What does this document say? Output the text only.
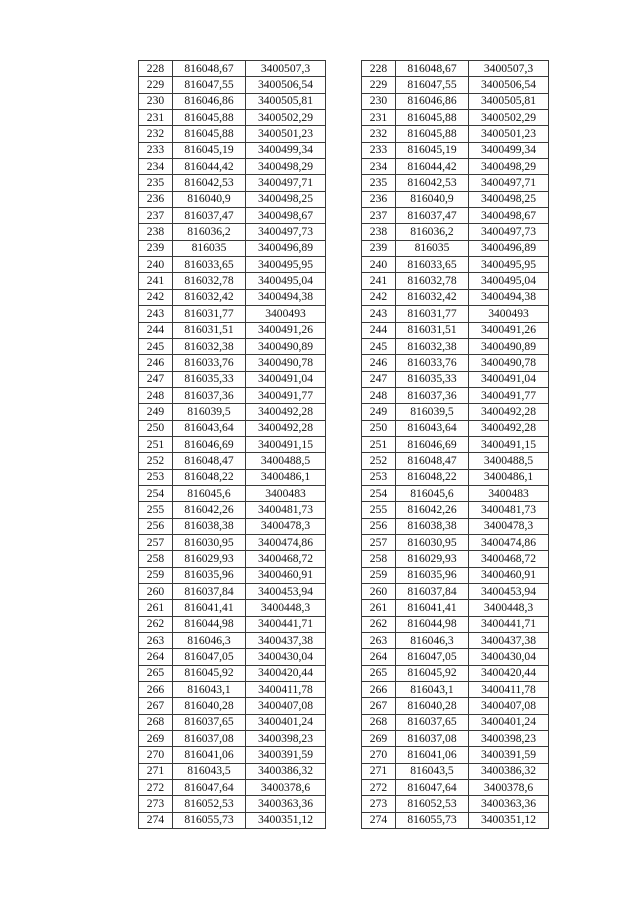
228	816048,67	3400507,3
229	816047,55	3400506,54
230	816046,86	3400505,81
231	816045,88	3400502,29
232	816045,88	3400501,23
233	816045,19	3400499,34
234	816044,42	3400498,29
235	816042,53	3400497,71
236	816040,9	3400498,25
237	816037,47	3400498,67
238	816036,2	3400497,73
239	816035	3400496,89
240	816033,65	3400495,95
241	816032,78	3400495,04
242	816032,42	3400494,38
243	816031,77	3400493
244	816031,51	3400491,26
245	816032,38	3400490,89
246	816033,76	3400490,78
247	816035,33	3400491,04
248	816037,36	3400491,77
249	816039,5	3400492,28
250	816043,64	3400492,28
251	816046,69	3400491,15
252	816048,47	3400488,5
253	816048,22	3400486,1
254	816045,6	3400483
255	816042,26	3400481,73
256	816038,38	3400478,3
257	816030,95	3400474,86
258	816029,93	3400468,72
259	816035,96	3400460,91
260	816037,84	3400453,94
261	816041,41	3400448,3
262	816044,98	3400441,71
263	816046,3	3400437,38
264	816047,05	3400430,04
265	816045,92	3400420,44
266	816043,1	3400411,78
267	816040,28	3400407,08
268	816037,65	3400401,24
269	816037,08	3400398,23
270	816041,06	3400391,59
271	816043,5	3400386,32
272	816047,64	3400378,6
273	816052,53	3400363,36
274	816055,73	3400351,12
228	816048,67	3400507,3
229	816047,55	3400506,54
230	816046,86	3400505,81
231	816045,88	3400502,29
232	816045,88	3400501,23
233	816045,19	3400499,34
234	816044,42	3400498,29
235	816042,53	3400497,71
236	816040,9	3400498,25
237	816037,47	3400498,67
238	816036,2	3400497,73
239	816035	3400496,89
240	816033,65	3400495,95
241	816032,78	3400495,04
242	816032,42	3400494,38
243	816031,77	3400493
244	816031,51	3400491,26
245	816032,38	3400490,89
246	816033,76	3400490,78
247	816035,33	3400491,04
248	816037,36	3400491,77
249	816039,5	3400492,28
250	816043,64	3400492,28
251	816046,69	3400491,15
252	816048,47	3400488,5
253	816048,22	3400486,1
254	816045,6	3400483
255	816042,26	3400481,73
256	816038,38	3400478,3
257	816030,95	3400474,86
258	816029,93	3400468,72
259	816035,96	3400460,91
260	816037,84	3400453,94
261	816041,41	3400448,3
262	816044,98	3400441,71
263	816046,3	3400437,38
264	816047,05	3400430,04
265	816045,92	3400420,44
266	816043,1	3400411,78
267	816040,28	3400407,08
268	816037,65	3400401,24
269	816037,08	3400398,23
270	816041,06	3400391,59
271	816043,5	3400386,32
272	816047,64	3400378,6
273	816052,53	3400363,36
274	816055,73	3400351,12
